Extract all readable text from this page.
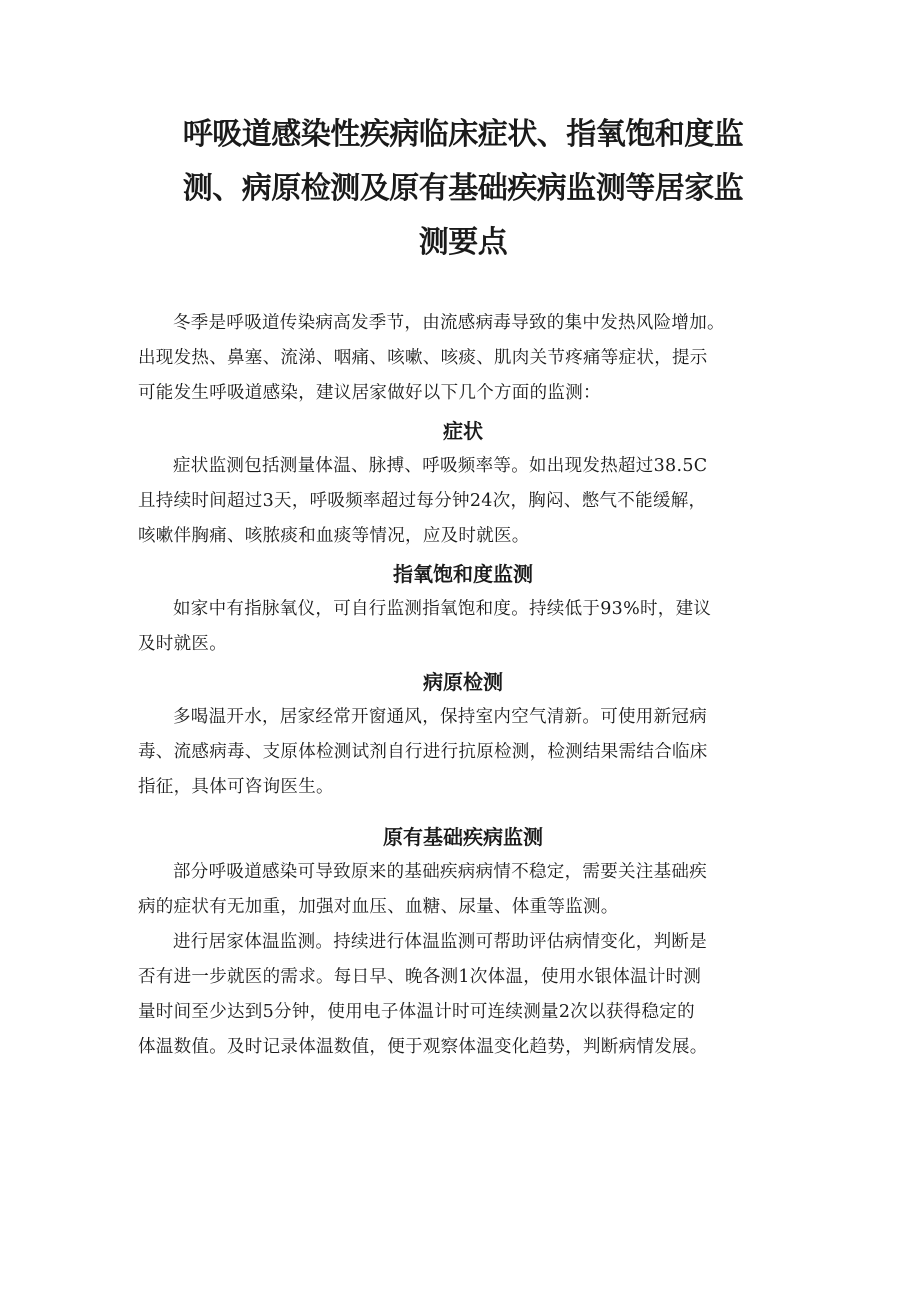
呼吸道感染性疾病临床症状、指氧饱和度监
测、病原检测及原有基础疾病监测等居家监
测要点

冬季是呼吸道传染病高发季节，由流感病毒导致的集中发热风险增加。
出现发热、鼻塞、流涕、咽痛、咳嗽、咳痰、肌肉关节疼痛等症状，提示
可能发生呼吸道感染，建议居家做好以下几个方面的监测：

症状

症状监测包括测量体温、脉搏、呼吸频率等。如出现发热超过38.5C
且持续时间超过3天，呼吸频率超过每分钟24次，胸闷、憋气不能缓解，
咳嗽伴胸痛、咳脓痰和血痰等情况，应及时就医。

指氧饱和度监测

如家中有指脉氧仪，可自行监测指氧饱和度。持续低于93%时，建议
及时就医。

病原检测

多喝温开水，居家经常开窗通风，保持室内空气清新。可使用新冠病
毒、流感病毒、支原体检测试剂自行进行抗原检测，检测结果需结合临床
指征，具体可咨询医生。

原有基础疾病监测

部分呼吸道感染可导致原来的基础疾病病情不稳定，需要关注基础疾
病的症状有无加重，加强对血压、血糖、尿量、体重等监测。

进行居家体温监测。持续进行体温监测可帮助评估病情变化，判断是
否有进一步就医的需求。每日早、晚各测1次体温，使用水银体温计时测
量时间至少达到5分钟，使用电子体温计时可连续测量2次以获得稳定的
体温数值。及时记录体温数值，便于观察体温变化趋势，判断病情发展。
